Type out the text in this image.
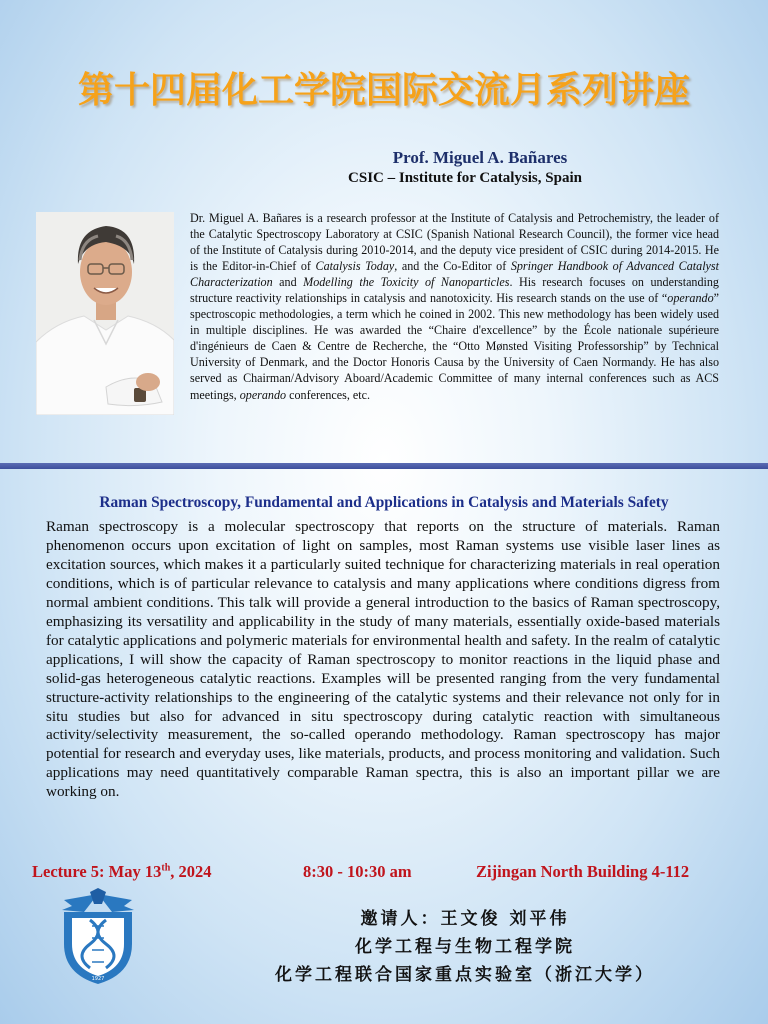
第十四届化工学院国际交流月系列讲座
Prof. Miguel A. Bañares
CSIC – Institute for Catalysis, Spain
Dr. Miguel A. Bañares is a research professor at the Institute of Catalysis and Petrochemistry, the leader of the Catalytic Spectroscopy Laboratory at CSIC (Spanish National Research Council), the former vice head of the Institute of Catalysis during 2010-2014, and the deputy vice president of CSIC during 2014-2015. He is the Editor-in-Chief of Catalysis Today, and the Co-Editor of Springer Handbook of Advanced Catalyst Characterization and Modelling the Toxicity of Nanoparticles. His research focuses on understanding structure reactivity relationships in catalysis and nanotoxicity. His research stands on the use of “operando” spectroscopic methodologies, a term which he coined in 2002. This new methodology has been widely used in multiple disciplines. He was awarded the “Chaire d'excellence” by the École nationale supérieure d'ingénieurs de Caen & Centre de Recherche, the “Otto Mønsted Visiting Professorship” by Technical University of Denmark, and the Doctor Honoris Causa by the University of Caen Normandy. He has also served as Chairman/Advisory Aboard/Academic Committee of many internal conferences such as ACS meetings, operando conferences, etc.
Raman Spectroscopy, Fundamental and Applications in Catalysis and Materials Safety
Raman spectroscopy is a molecular spectroscopy that reports on the structure of materials. Raman phenomenon occurs upon excitation of light on samples, most Raman systems use visible laser lines as excitation sources, which makes it a particularly suited technique for characterizing materials in real operation conditions, which is of particular relevance to catalysis and many applications where conditions digress from normal ambient conditions. This talk will provide a general introduction to the basics of Raman spectroscopy, emphasizing its versatility and applicability in the study of many materials, essentially oxide-based materials for catalytic applications and polymeric materials for environmental health and safety. In the realm of catalytic applications, I will show the capacity of Raman spectroscopy to monitor reactions in the liquid phase and solid-gas heterogeneous catalytic reactions. Examples will be presented ranging from the very fundamental structure-activity relationships to the engineering of the catalytic systems and their relevance not only for in situ studies but also for advanced in situ spectroscopy during catalytic reaction with simultaneous activity/selectivity measurement, the so-called operando methodology. Raman spectroscopy has major potential for research and everyday uses, like materials, products, and process monitoring and validation. Such applications may need quantitatively comparable Raman spectra, this is also an important pillar we are working on.
Lecture 5: May 13th, 2024	8:30 - 10:30 am	Zijingan North Building 4-112
1927
邀请人：王文俊 刘平伟
化学工程与生物工程学院
化学工程联合国家重点实验室（浙江大学）
